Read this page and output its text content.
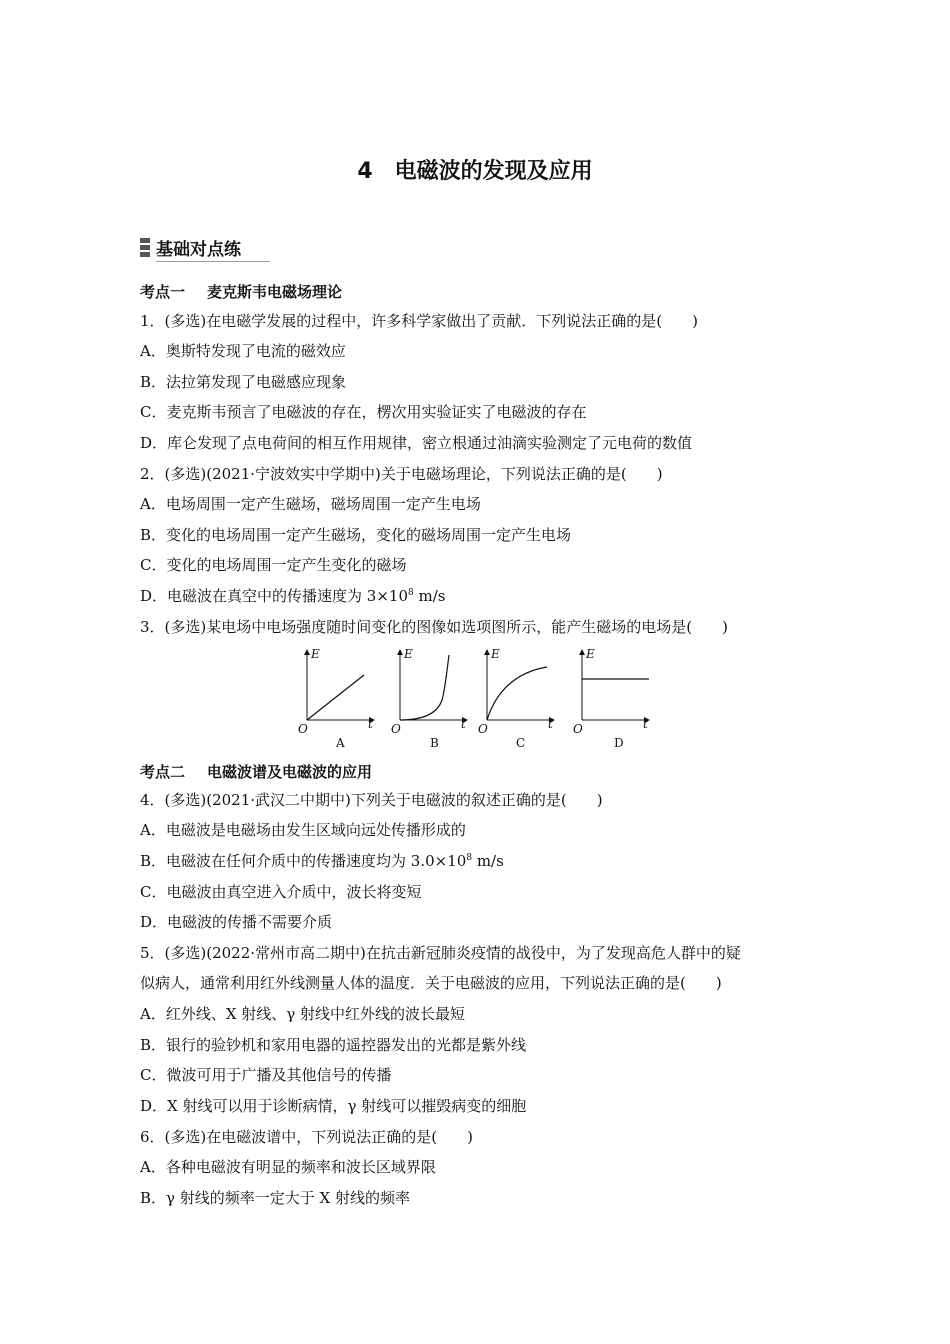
4　电磁波的发现及应用
基础对点练
考点一 麦克斯韦电磁场理论
1．(多选)在电磁学发展的过程中，许多科学家做出了贡献．下列说法正确的是(　　)
A．奥斯特发现了电流的磁效应
B．法拉第发现了电磁感应现象
C．麦克斯韦预言了电磁波的存在，楞次用实验证实了电磁波的存在
D．库仑发现了点电荷间的相互作用规律，密立根通过油滴实验测定了元电荷的数值
2．(多选)(2021·宁波效实中学期中)关于电磁场理论，下列说法正确的是(　　)
A．电场周围一定产生磁场，磁场周围一定产生电场
B．变化的电场周围一定产生磁场，变化的磁场周围一定产生电场
C．变化的电场周围一定产生变化的磁场
D．电磁波在真空中的传播速度为 $3\times 10^8$ m/s
3．(多选)某电场中电场强度随时间变化的图像如选项图所示，能产生磁场的电场是(　　)
E
t
O
A
E
t
O
B
E
t
O
C
E
t
O
D
考点二 电磁波谱及电磁波的应用
4．(多选)(2021·武汉二中期中)下列关于电磁波的叙述正确的是(　　)
A．电磁波是电磁场由发生区域向远处传播形成的
B．电磁波在任何介质中的传播速度均为 $3.0\times 10^8$ m/s
C．电磁波由真空进入介质中，波长将变短
D．电磁波的传播不需要介质
5．(多选)(2022·常州市高二期中)在抗击新冠肺炎疫情的战役中，为了发现高危人群中的疑
似病人，通常利用红外线测量人体的温度．关于电磁波的应用，下列说法正确的是(　　)
A．红外线、X 射线、γ 射线中红外线的波长最短
B．银行的验钞机和家用电器的遥控器发出的光都是紫外线
C．微波可用于广播及其他信号的传播
D．X 射线可以用于诊断病情，γ 射线可以摧毁病变的细胞
6．(多选)在电磁波谱中，下列说法正确的是(　　)
A．各种电磁波有明显的频率和波长区域界限
B．γ 射线的频率一定大于 X 射线的频率
